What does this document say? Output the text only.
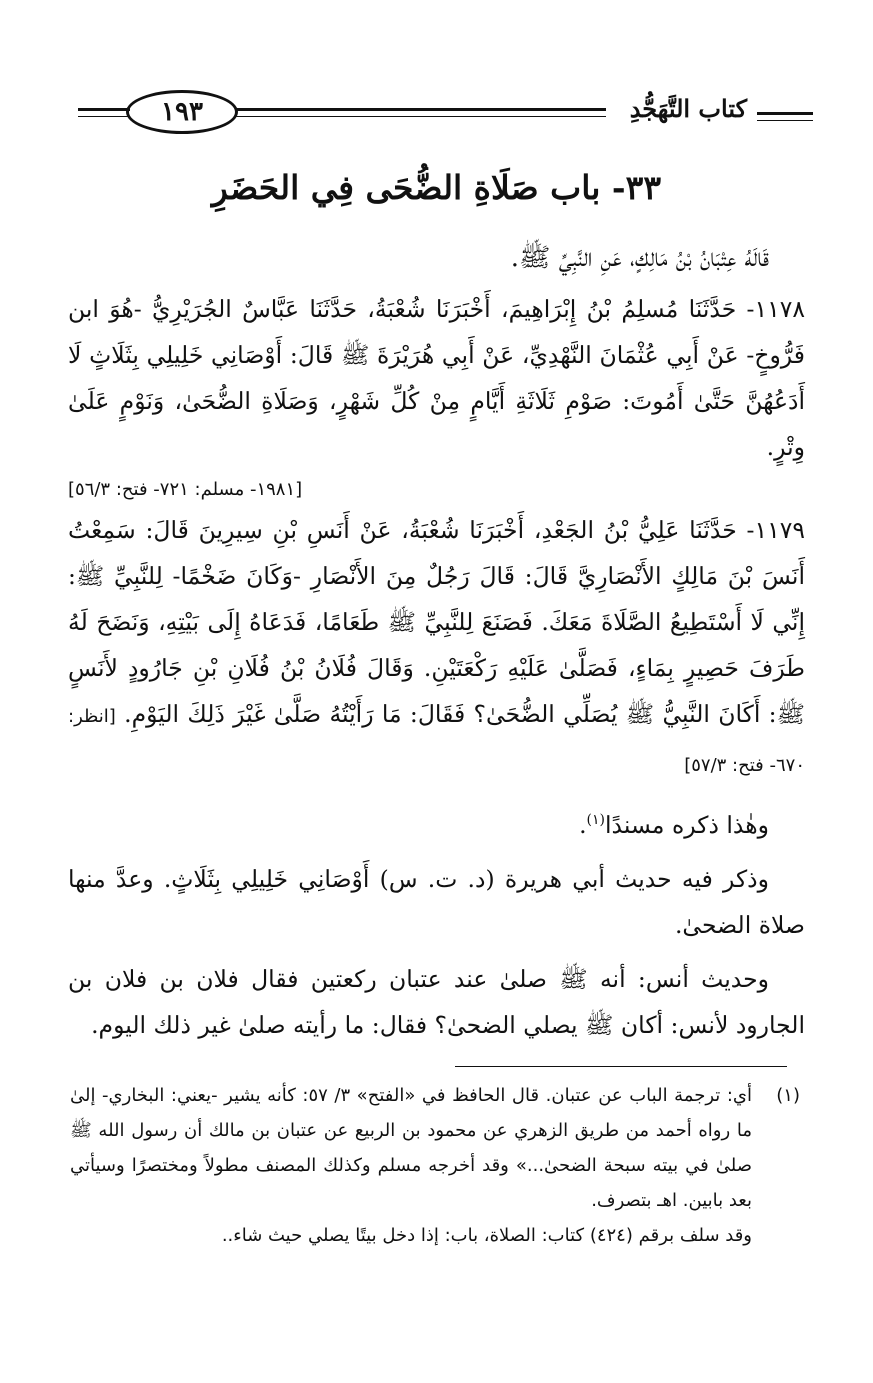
١٩٣	كتاب التَّهَجُّدِ
٣٣- باب صَلَاةِ الضُّحَى فِي الحَضَرِ

قَالَهُ عِتْبَانُ بْنُ مَالِكٍ، عَنِ النَّبِيِّ ﷺ.

١١٧٨- حَدَّثَنَا مُسلِمُ بْنُ إِبْرَاهِيمَ، أَخْبَرَنَا شُعْبَةُ، حَدَّثَنَا عَبَّاسٌ الجُرَيْرِيُّ -هُوَ ابن فَرُّوخٍ- عَنْ أَبِي عُثْمَانَ النَّهْدِيِّ، عَنْ أَبِي هُرَيْرَةَ ﷺ قَالَ: أَوْصَانِي خَلِيلِي بِثَلَاثٍ لَا أَدَعُهُنَّ حَتَّىٰ أَمُوتَ: صَوْمِ ثَلَاثَةِ أَيَّامٍ مِنْ كُلِّ شَهْرٍ، وَصَلَاةِ الضُّحَىٰ، وَنَوْمٍ عَلَىٰ وِتْرٍ.

[١٩٨١- مسلم: ٧٢١- فتح: ٥٦/٣]

١١٧٩- حَدَّثَنَا عَلِيُّ بْنُ الجَعْدِ، أَخْبَرَنَا شُعْبَةُ، عَنْ أَنَسِ بْنِ سِيرِينَ قَالَ: سَمِعْتُ أَنَسَ بْنَ مَالِكٍ الأَنْصَارِيَّ قَالَ: قَالَ رَجُلٌ مِنَ الأَنْصَارِ -وَكَانَ ضَخْمًا- لِلنَّبِيِّ ﷺ: إِنِّي لَا أَسْتَطِيعُ الصَّلَاةَ مَعَكَ. فَصَنَعَ لِلنَّبِيِّ ﷺ طَعَامًا، فَدَعَاهُ إِلَى بَيْتِهِ، وَنَضَحَ لَهُ طَرَفَ حَصِيرٍ بِمَاءٍ، فَصَلَّىٰ عَلَيْهِ رَكْعَتَيْنِ. وَقَالَ فُلَانُ بْنُ فُلَانِ بْنِ جَارُودٍ لأَنَسٍ ﷺ: أَكَانَ النَّبِيُّ ﷺ يُصَلِّي الضُّحَىٰ؟ فَقَالَ: مَا رَأَيْتُهُ صَلَّىٰ غَيْرَ ذَلِكَ اليَوْمِ. [انظر: ٦٧٠- فتح: ٥٧/٣]

وهٰذا ذكره مسندًا$^{(١)}$.

وذكر فيه حديث أبي هريرة (د. ت. س) أَوْصَانِي خَلِيلِي بِثَلَاثٍ. وعدَّ منها صلاة الضحىٰ.

وحديث أنس: أنه ﷺ صلىٰ عند عتبان ركعتين فقال فلان بن فلان بن الجارود لأنس: أكان ﷺ يصلي الضحىٰ؟ فقال: ما رأيته صلىٰ غير ذلك اليوم.

(١)
أي: ترجمة الباب عن عتبان. قال الحافظ في «الفتح» ٣/ ٥٧: كأنه يشير -يعني: البخاري- إلىٰ ما رواه أحمد من طريق الزهري عن محمود بن الربيع عن عتبان بن مالك أن رسول الله ﷺ صلىٰ في بيته سبحة الضحىٰ...» وقد أخرجه مسلم وكذلك المصنف مطولاً ومختصرًا وسيأتي بعد بابين. اهـ بتصرف.

وقد سلف برقم (٤٢٤) كتاب: الصلاة، باب: إذا دخل بيتًا يصلي حيث شاء..
